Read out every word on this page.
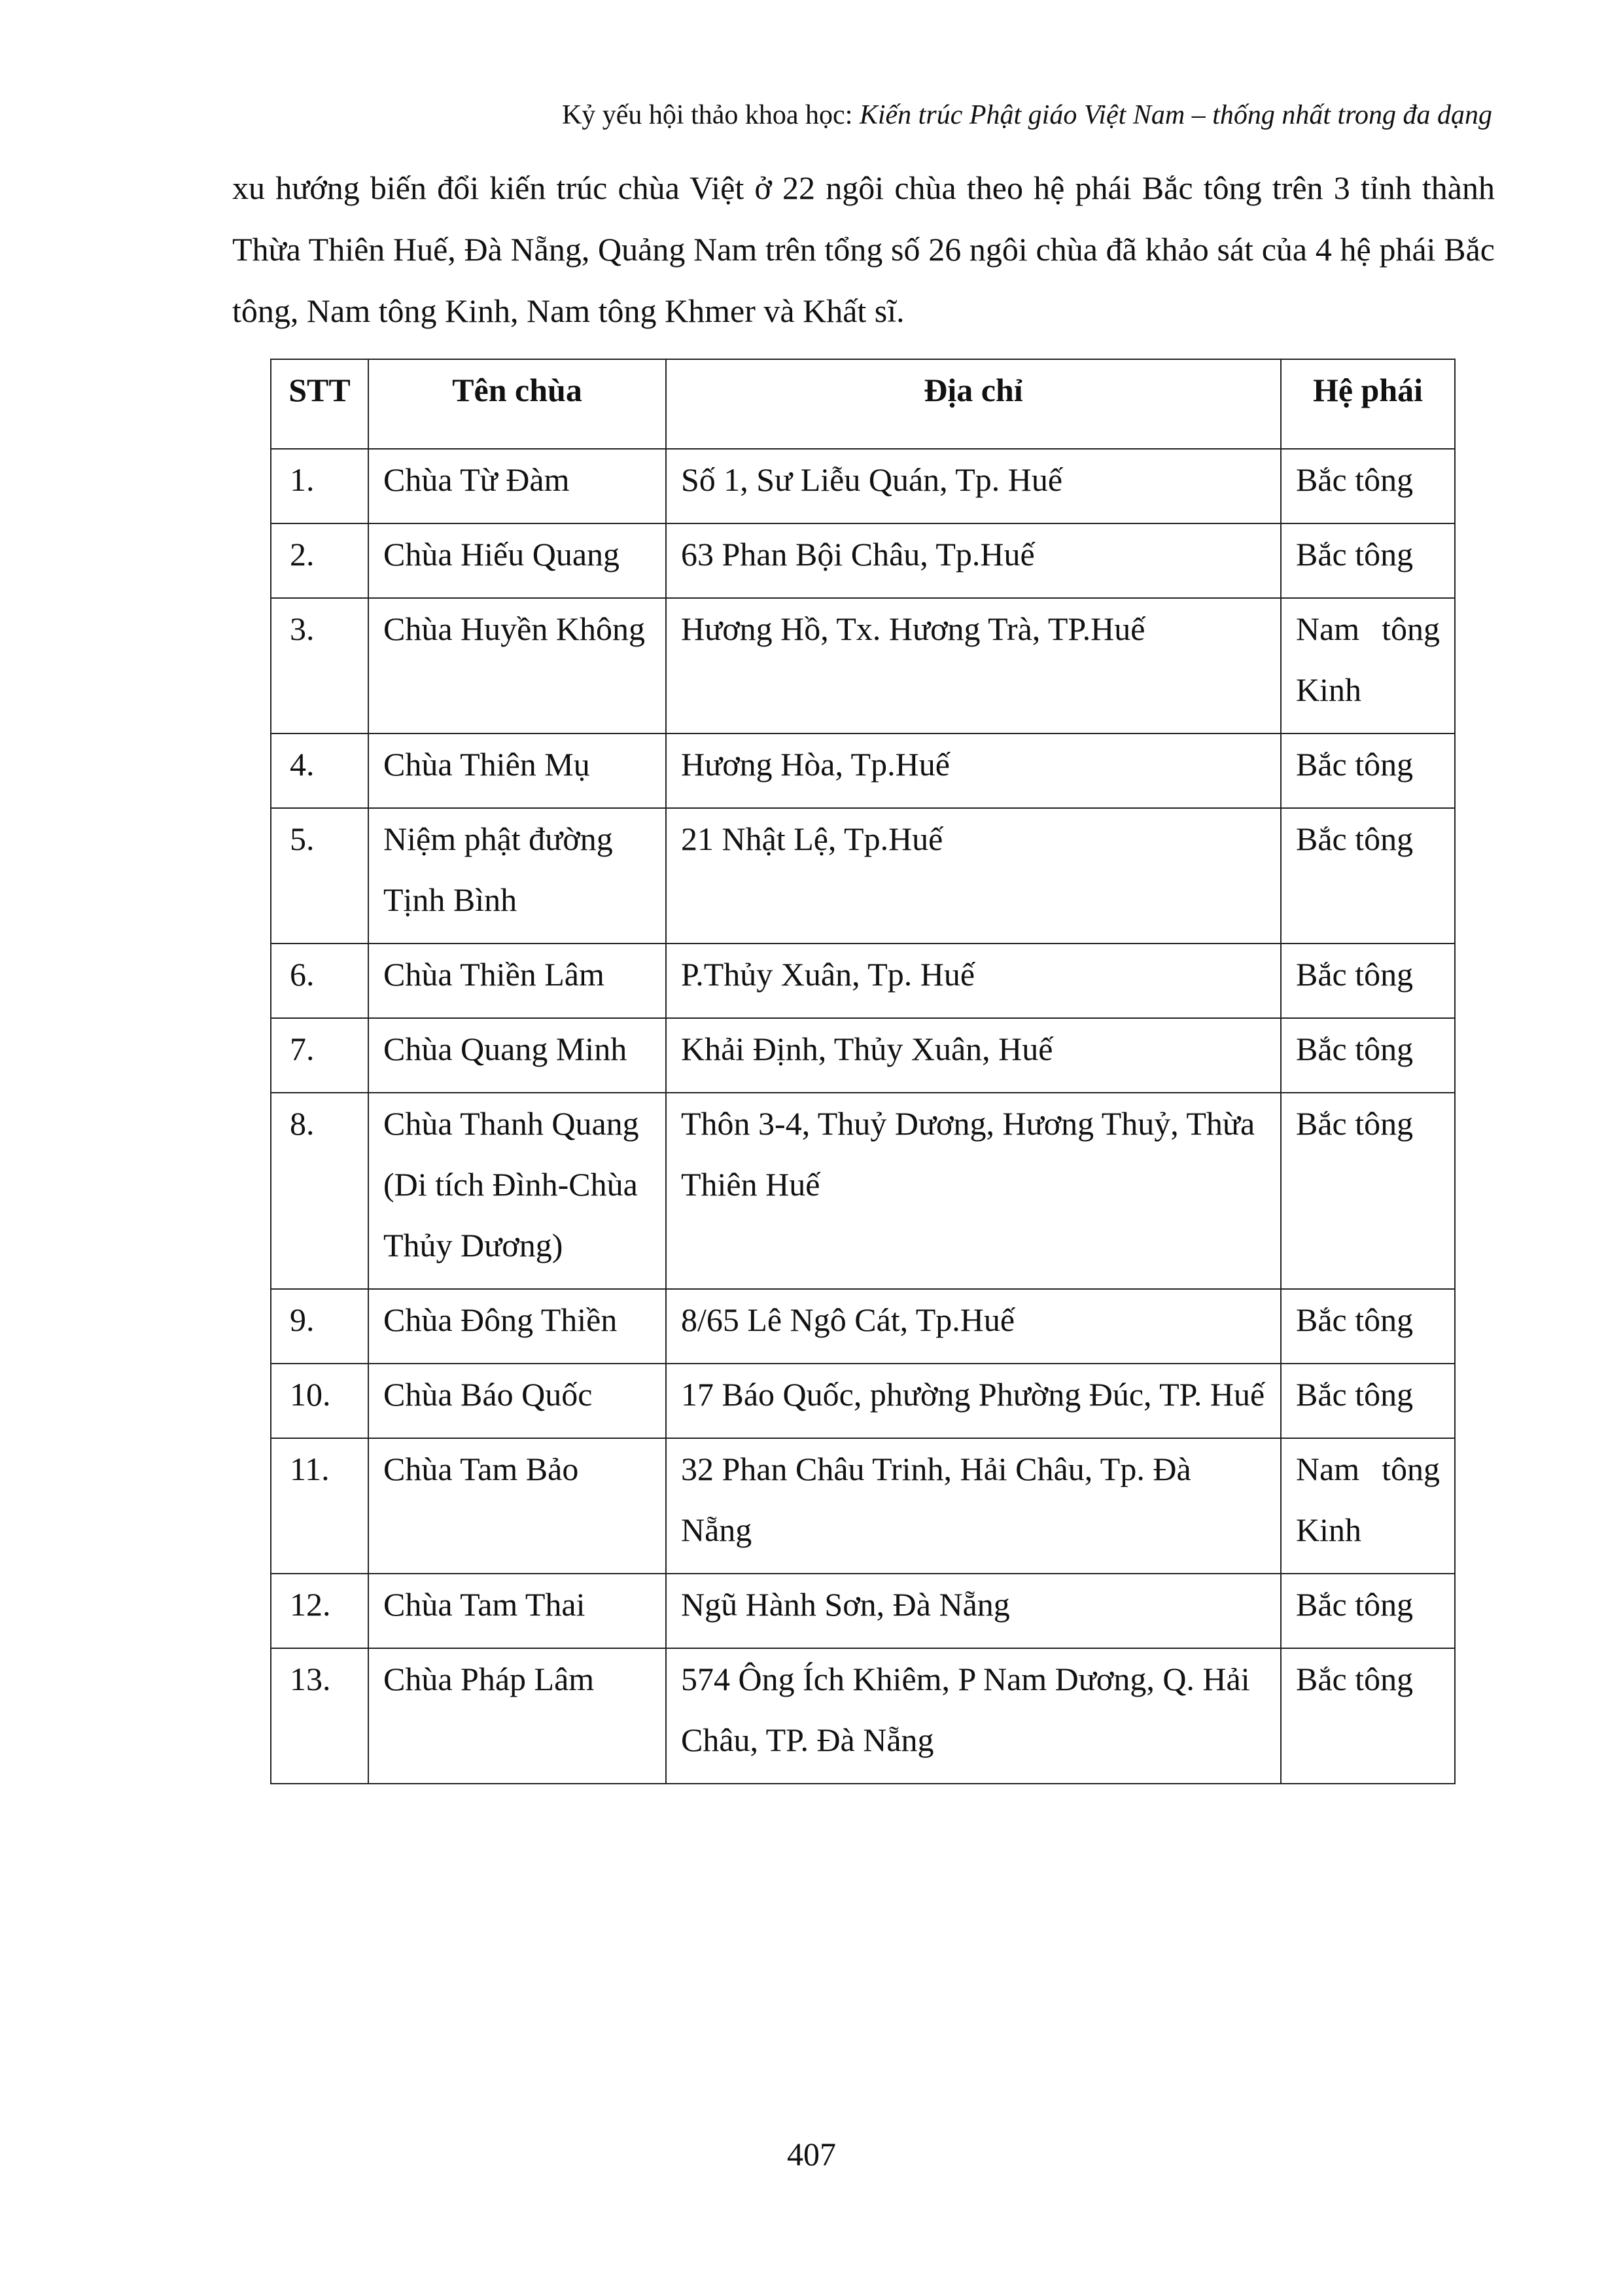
Kỷ yếu hội thảo khoa học: Kiến trúc Phật giáo Việt Nam – thống nhất trong đa dạng

xu hướng biến đổi kiến trúc chùa Việt ở 22 ngôi chùa theo hệ phái Bắc tông trên 3 tỉnh thành Thừa Thiên Huế, Đà Nẵng, Quảng Nam trên tổng số 26 ngôi chùa đã khảo sát của 4 hệ phái Bắc tông, Nam tông Kinh, Nam tông Khmer và Khất sĩ.

STT	Tên chùa	Địa chỉ	Hệ phái
1.	Chùa Từ Đàm	Số 1, Sư Liễu Quán, Tp. Huế	Bắc tông
2.	Chùa Hiếu Quang	63 Phan Bội Châu, Tp.Huế	Bắc tông
3.	Chùa Huyền Không	Hương Hồ, Tx. Hương Trà, TP.Huế	Nam tông Kinh
4.	Chùa Thiên Mụ	Hương Hòa, Tp.Huế	Bắc tông
5.	Niệm phật đường Tịnh Bình	21 Nhật Lệ, Tp.Huế	Bắc tông
6.	Chùa Thiền Lâm	P.Thủy Xuân, Tp. Huế	Bắc tông
7.	Chùa Quang Minh	Khải Định, Thủy Xuân, Huế	Bắc tông
8.	Chùa Thanh Quang (Di tích Đình-Chùa Thủy Dương)	Thôn 3-4, Thuỷ Dương, Hương Thuỷ, Thừa Thiên Huế	Bắc tông
9.	Chùa Đông Thiền	8/65 Lê Ngô Cát, Tp.Huế	Bắc tông
10.	Chùa Báo Quốc	17 Báo Quốc, phường Phường Đúc, TP. Huế	Bắc tông
11.	Chùa Tam Bảo	32 Phan Châu Trinh, Hải Châu, Tp. Đà Nẵng	Nam tông Kinh
12.	Chùa Tam Thai	Ngũ Hành Sơn, Đà Nẵng	Bắc tông
13.	Chùa Pháp Lâm	574 Ông Ích Khiêm, P Nam Dương, Q. Hải Châu, TP. Đà Nẵng	Bắc tông
407
